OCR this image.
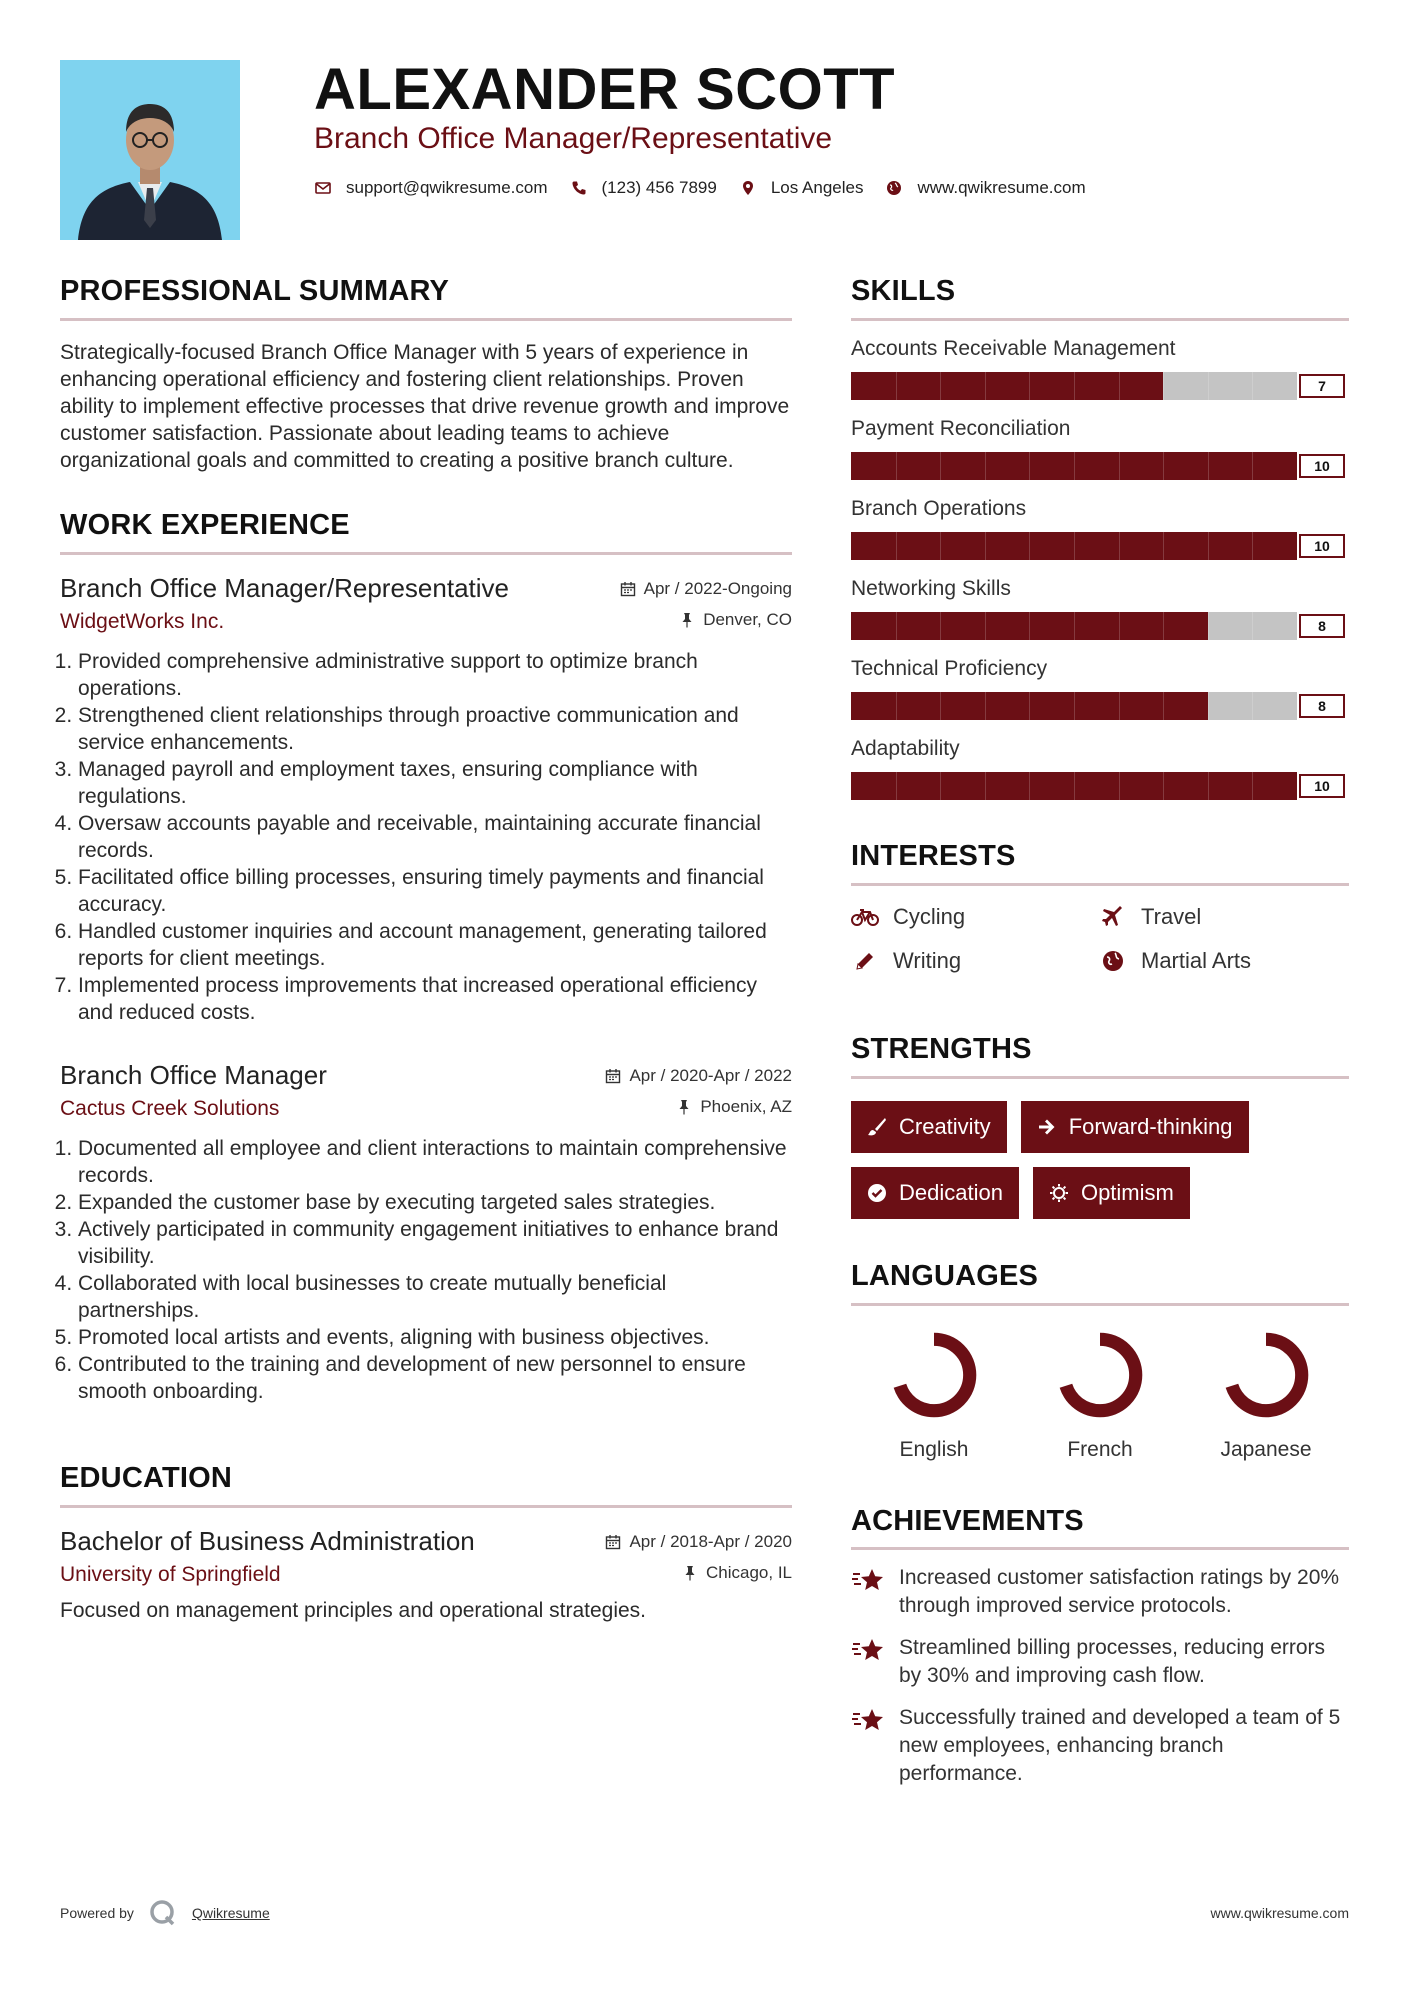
ALEXANDER SCOTT
Branch Office Manager/Representative
support@qwikresume.com	(123) 456 7899	Los Angeles	www.qwikresume.com
PROFESSIONAL SUMMARY
Strategically-focused Branch Office Manager with 5 years of experience in enhancing operational efficiency and fostering client relationships. Proven ability to implement effective processes that drive revenue growth and improve customer satisfaction. Passionate about leading teams to achieve organizational goals and committed to creating a positive branch culture.
WORK EXPERIENCE
Branch Office Manager/Representative	Apr / 2022-Ongoing
WidgetWorks Inc.	Denver, CO
1. Provided comprehensive administrative support to optimize branch operations.
2. Strengthened client relationships through proactive communication and service enhancements.
3. Managed payroll and employment taxes, ensuring compliance with regulations.
4. Oversaw accounts payable and receivable, maintaining accurate financial records.
5. Facilitated office billing processes, ensuring timely payments and financial accuracy.
6. Handled customer inquiries and account management, generating tailored reports for client meetings.
7. Implemented process improvements that increased operational efficiency and reduced costs.
Branch Office Manager	Apr / 2020-Apr / 2022
Cactus Creek Solutions	Phoenix, AZ
1. Documented all employee and client interactions to maintain comprehensive records.
2. Expanded the customer base by executing targeted sales strategies.
3. Actively participated in community engagement initiatives to enhance brand visibility.
4. Collaborated with local businesses to create mutually beneficial partnerships.
5. Promoted local artists and events, aligning with business objectives.
6. Contributed to the training and development of new personnel to ensure smooth onboarding.
EDUCATION
Bachelor of Business Administration	Apr / 2018-Apr / 2020
University of Springfield	Chicago, IL
Focused on management principles and operational strategies.
SKILLS
Accounts Receivable Management
7
Payment Reconciliation
10
Branch Operations
10
Networking Skills
8
Technical Proficiency
8
Adaptability
10
INTERESTS
Cycling	Travel
Writing	Martial Arts
STRENGTHS
Creativity	Forward-thinking
Dedication	Optimism
LANGUAGES
English	French	Japanese
ACHIEVEMENTS
Increased customer satisfaction ratings by 20% through improved service protocols.
Streamlined billing processes, reducing errors by 30% and improving cash flow.
Successfully trained and developed a team of 5 new employees, enhancing branch performance.
Powered by	Qwikresume	www.qwikresume.com
